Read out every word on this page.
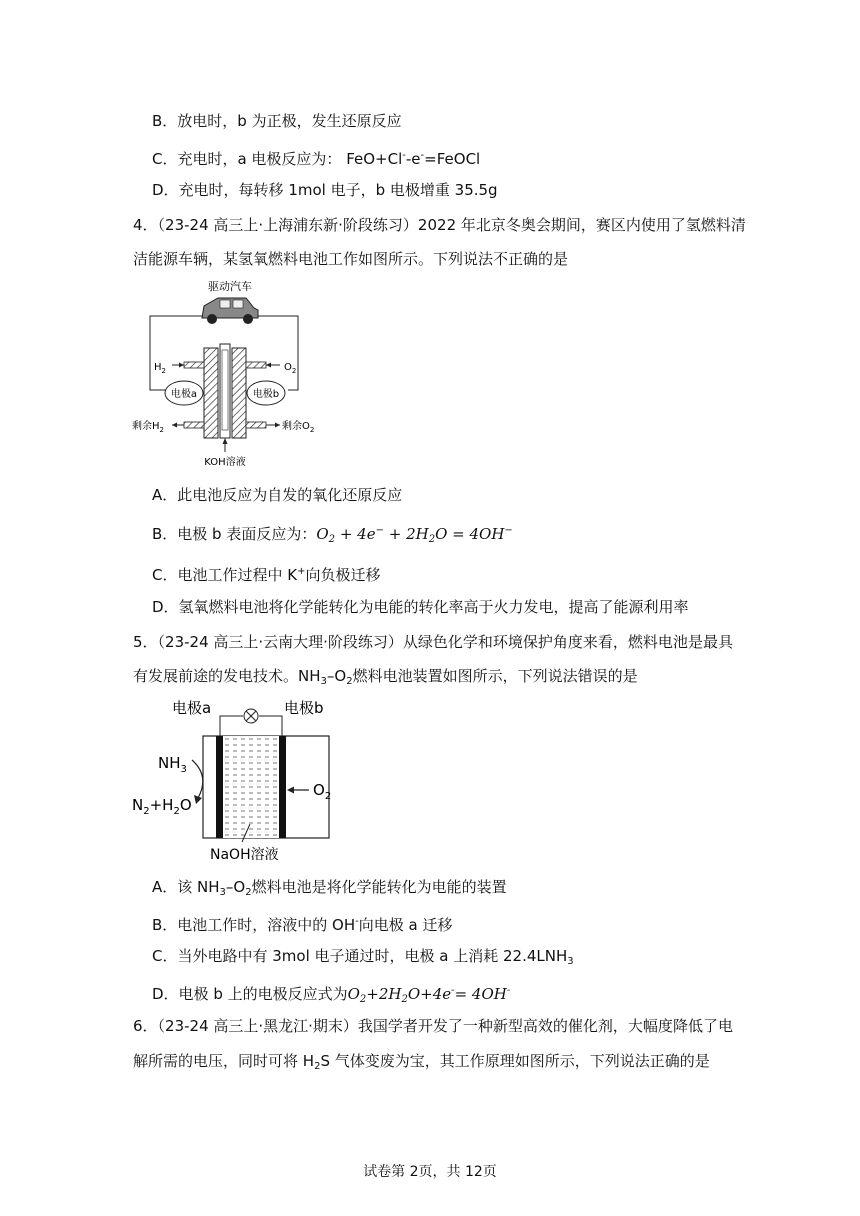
B．放电时，b 为正极，发生还原反应
C．充电时，a 电极反应为： FeO+Cl--e-=FeOCl
D．充电时，每转移 1mol 电子，b 电极增重 35.5g
4．（23-24 高三上·上海浦东新·阶段练习）2022 年北京冬奥会期间，赛区内使用了氢燃料清
洁能源车辆，某氢氧燃料电池工作如图所示。下列说法不正确的是
驱动汽车
$H_2$	$O_2$
电极a	电极b
剩余$H_2$	剩余$O_2$
KOH溶液
A．此电池反应为自发的氧化还原反应
B．电极 b 表面反应为：$O_2 + 4e^- + 2H_2O = 4OH^-$
C．电池工作过程中 K+向负极迁移
D．氢氧燃料电池将化学能转化为电能的转化率高于火力发电，提高了能源利用率
5．（23-24 高三上·云南大理·阶段练习）从绿色化学和环境保护角度来看，燃料电池是最具
有发展前途的发电技术。$NH_3-O_2$燃料电池装置如图所示，下列说法错误的是
电极a	电极b
$NH_3$
$N_2+H_2O$
$O_2$
NaOH溶液
A．该 $NH_3-O_2$燃料电池是将化学能转化为电能的装置
B．电池工作时，溶液中的 OH-向电极 a 迁移
C．当外电路中有 3mol 电子通过时，电极 a 上消耗 $22.4LNH_3$
D．电极 b 上的电极反应式为$O_2+2H_2O+4e^-= 4OH^-$
6．（23-24 高三上·黑龙江·期末）我国学者开发了一种新型高效的催化剂，大幅度降低了电
解所需的电压，同时可将 $H_2S$ 气体变废为宝，其工作原理如图所示，下列说法正确的是
试卷第 2页，共 12页
